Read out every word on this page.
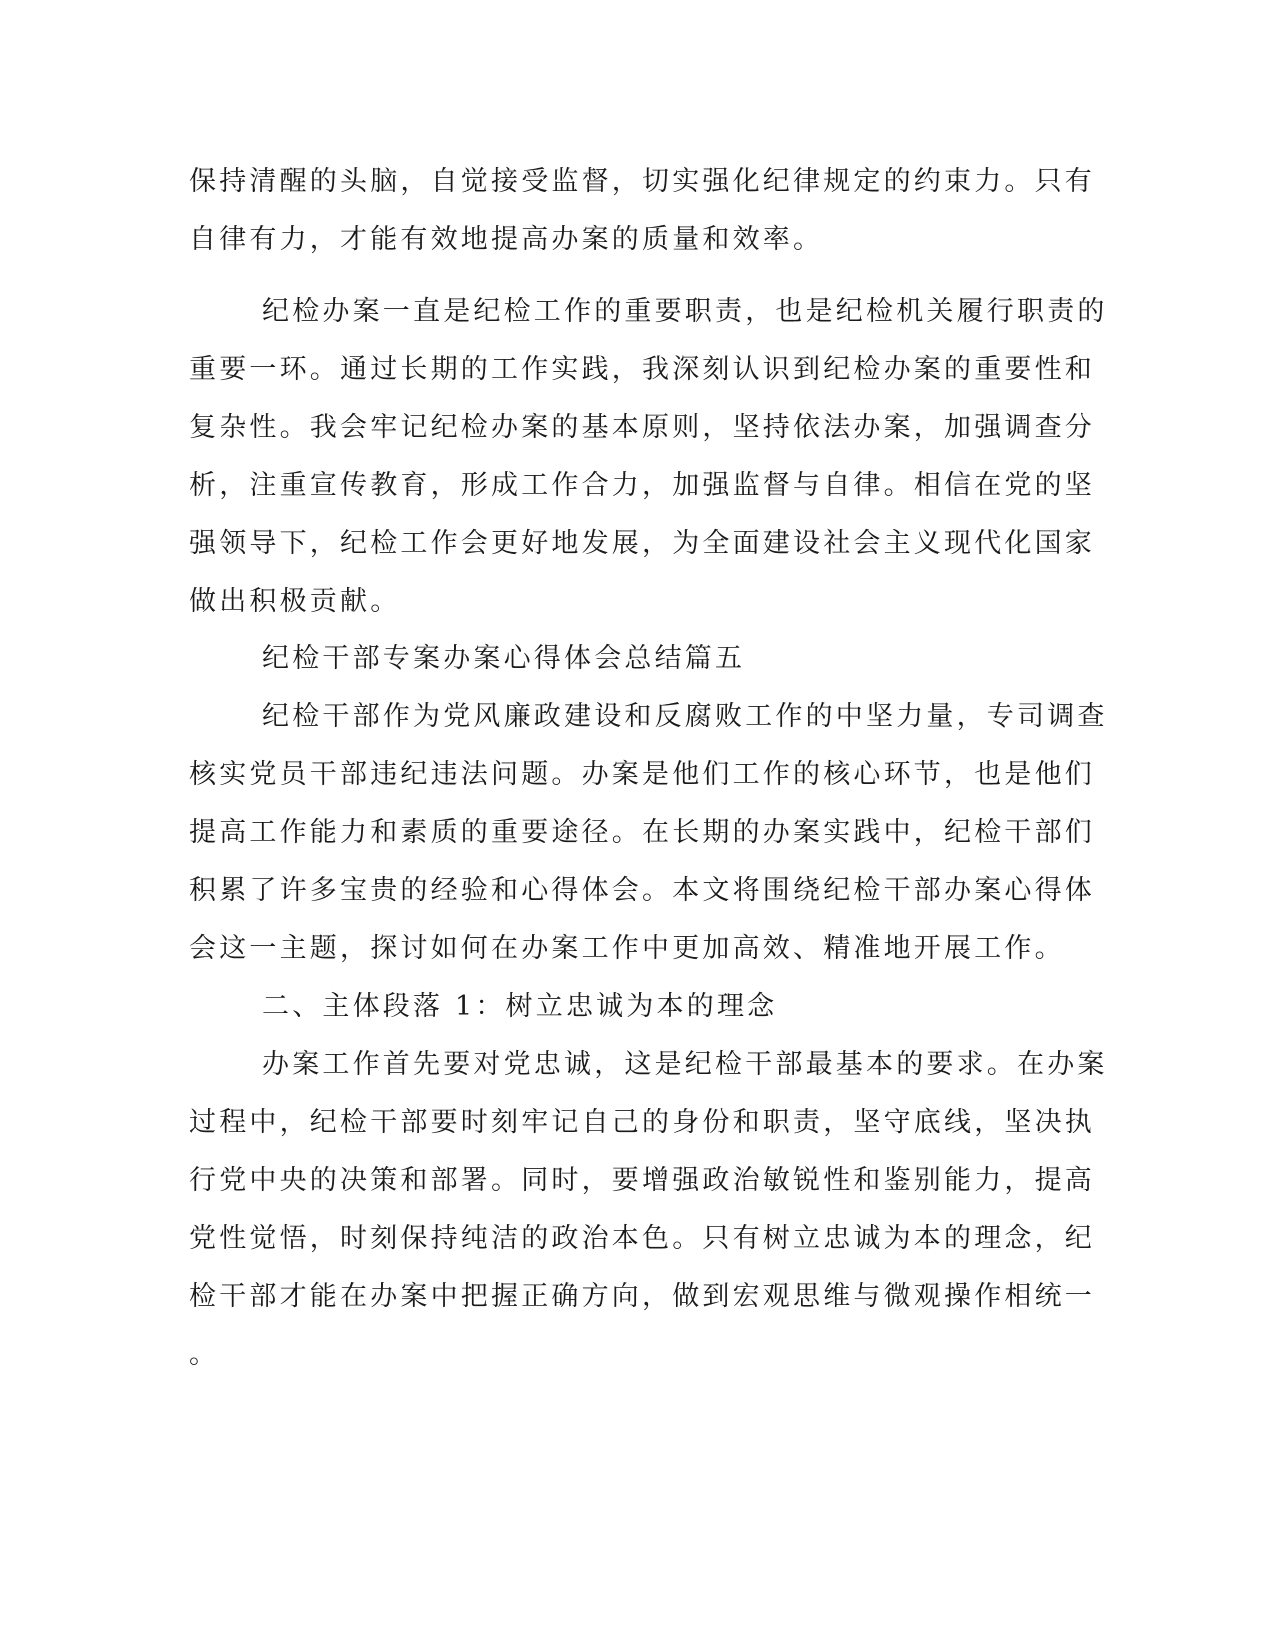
保持清醒的头脑，自觉接受监督，切实强化纪律规定的约束力。只有
自律有力，才能有效地提高办案的质量和效率。
纪检办案一直是纪检工作的重要职责，也是纪检机关履行职责的
重要一环。通过长期的工作实践，我深刻认识到纪检办案的重要性和
复杂性。我会牢记纪检办案的基本原则，坚持依法办案，加强调查分
析，注重宣传教育，形成工作合力，加强监督与自律。相信在党的坚
强领导下，纪检工作会更好地发展，为全面建设社会主义现代化国家
做出积极贡献。
纪检干部专案办案心得体会总结篇五
纪检干部作为党风廉政建设和反腐败工作的中坚力量，专司调查
核实党员干部违纪违法问题。办案是他们工作的核心环节，也是他们
提高工作能力和素质的重要途径。在长期的办案实践中，纪检干部们
积累了许多宝贵的经验和心得体会。本文将围绕纪检干部办案心得体
会这一主题，探讨如何在办案工作中更加高效、精准地开展工作。
二、主体段落 1：树立忠诚为本的理念
办案工作首先要对党忠诚，这是纪检干部最基本的要求。在办案
过程中，纪检干部要时刻牢记自己的身份和职责，坚守底线，坚决执
行党中央的决策和部署。同时，要增强政治敏锐性和鉴别能力，提高
党性觉悟，时刻保持纯洁的政治本色。只有树立忠诚为本的理念，纪
检干部才能在办案中把握正确方向，做到宏观思维与微观操作相统一
。
